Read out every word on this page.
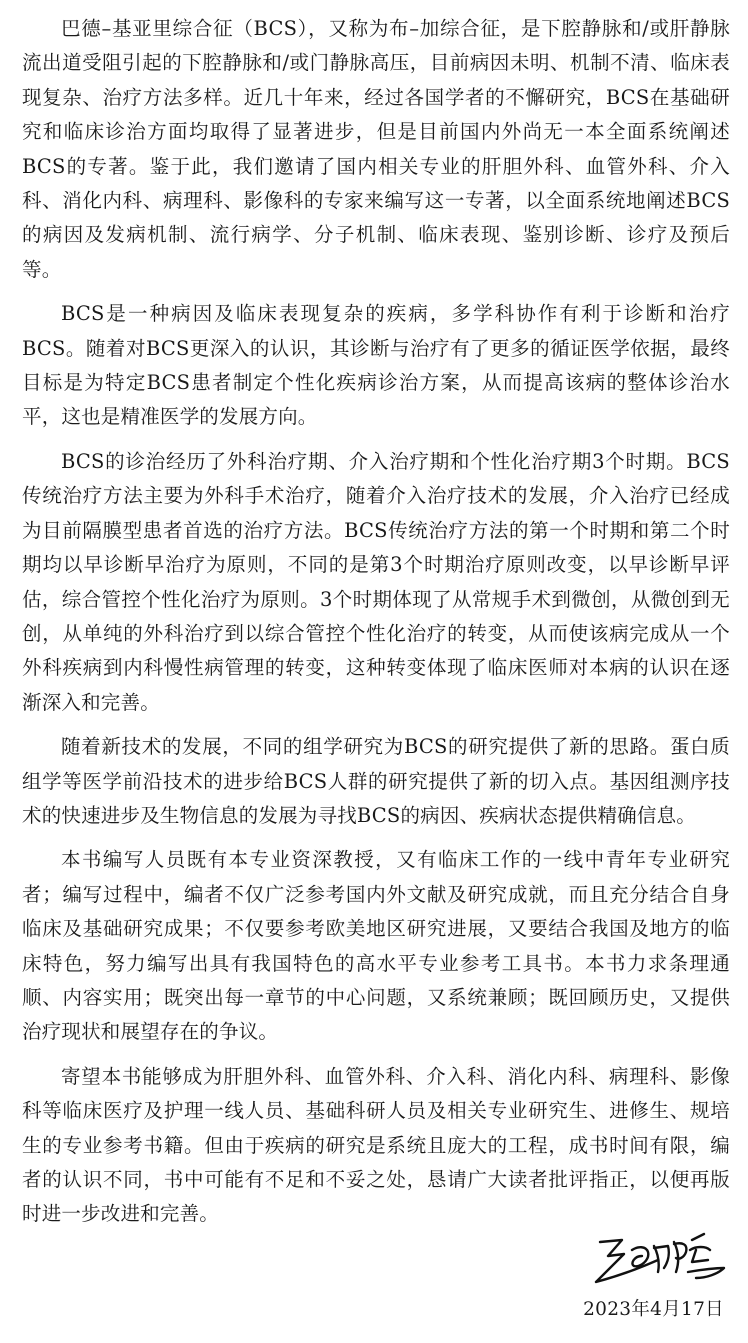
巴德–基亚里综合征（BCS），又称为布–加综合征，是下腔静脉和/或肝静脉流出道受阻引起的下腔静脉和/或门静脉高压，目前病因未明、机制不清、临床表现复杂、治疗方法多样。近几十年来，经过各国学者的不懈研究，BCS在基础研究和临床诊治方面均取得了显著进步，但是目前国内外尚无一本全面系统阐述BCS的专著。鉴于此，我们邀请了国内相关专业的肝胆外科、血管外科、介入科、消化内科、病理科、影像科的专家来编写这一专著，以全面系统地阐述BCS的病因及发病机制、流行病学、分子机制、临床表现、鉴别诊断、诊疗及预后等。

BCS是一种病因及临床表现复杂的疾病，多学科协作有利于诊断和治疗BCS。随着对BCS更深入的认识，其诊断与治疗有了更多的循证医学依据，最终目标是为特定BCS患者制定个性化疾病诊治方案，从而提高该病的整体诊治水平，这也是精准医学的发展方向。

BCS的诊治经历了外科治疗期、介入治疗期和个性化治疗期3个时期。BCS传统治疗方法主要为外科手术治疗，随着介入治疗技术的发展，介入治疗已经成为目前隔膜型患者首选的治疗方法。BCS传统治疗方法的第一个时期和第二个时期均以早诊断早治疗为原则，不同的是第3个时期治疗原则改变，以早诊断早评估，综合管控个性化治疗为原则。3个时期体现了从常规手术到微创，从微创到无创，从单纯的外科治疗到以综合管控个性化治疗的转变，从而使该病完成从一个外科疾病到内科慢性病管理的转变，这种转变体现了临床医师对本病的认识在逐渐深入和完善。

随着新技术的发展，不同的组学研究为BCS的研究提供了新的思路。蛋白质组学等医学前沿技术的进步给BCS人群的研究提供了新的切入点。基因组测序技术的快速进步及生物信息的发展为寻找BCS的病因、疾病状态提供精确信息。

本书编写人员既有本专业资深教授，又有临床工作的一线中青年专业研究者；编写过程中，编者不仅广泛参考国内外文献及研究成就，而且充分结合自身临床及基础研究成果；不仅要参考欧美地区研究进展，又要结合我国及地方的临床特色，努力编写出具有我国特色的高水平专业参考工具书。本书力求条理通顺、内容实用；既突出每一章节的中心问题，又系统兼顾；既回顾历史，又提供治疗现状和展望存在的争议。

寄望本书能够成为肝胆外科、血管外科、介入科、消化内科、病理科、影像科等临床医疗及护理一线人员、基础科研人员及相关专业研究生、进修生、规培生的专业参考书籍。但由于疾病的研究是系统且庞大的工程，成书时间有限，编者的认识不同，书中可能有不足和不妥之处，恳请广大读者批评指正，以便再版时进一步改进和完善。

2023年4月17日
